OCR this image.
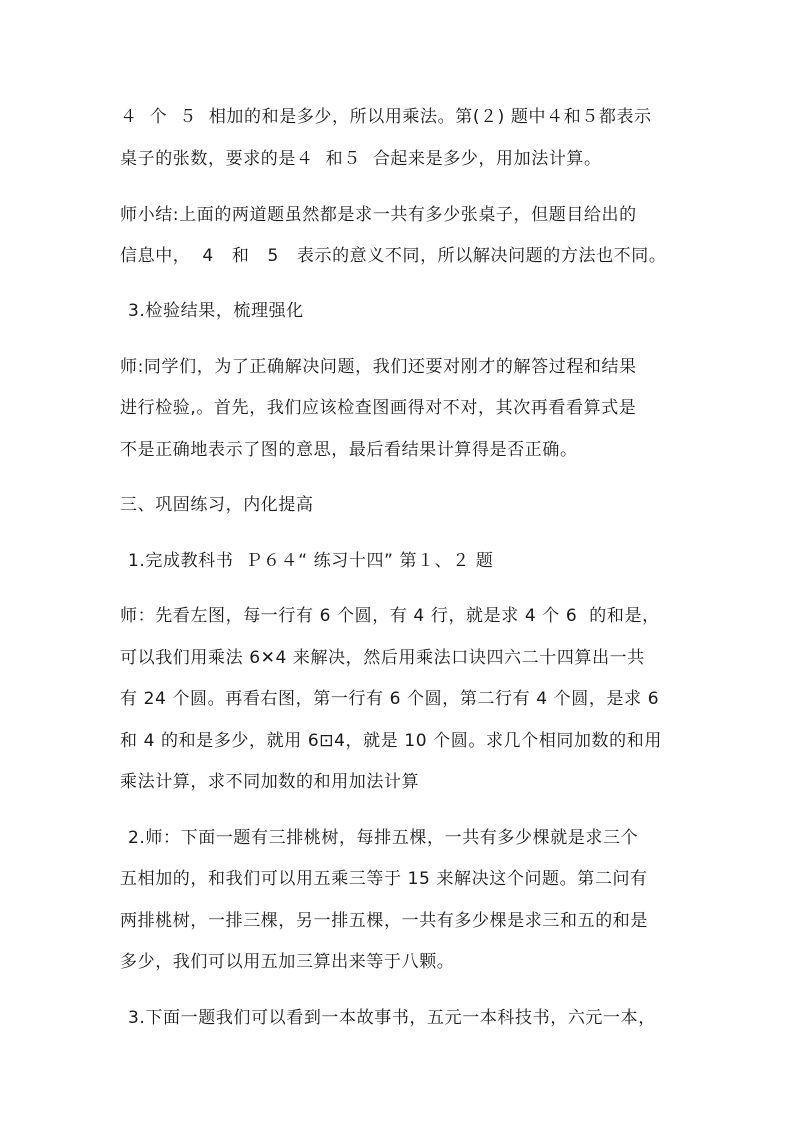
４  个  ５  相加的和是多少，所以用乘法。第(２) 题中４和５都表示
桌子的张数，要求的是４  和５  合起来是多少，用加法计算。
师小结:上面的两道题虽然都是求一共有多少张桌子，但题目给出的
信息中，  4   和   5   表示的意义不同，所以解决问题的方法也不同。
3.检验结果，梳理强化
师:同学们，为了正确解决问题，我们还要对刚才的解答过程和结果
进行检验,。首先，我们应该检查图画得对不对，其次再看看算式是
不是正确地表示了图的意思，最后看结果计算得是否正确。
三、巩固练习，内化提高
1.完成教科书  Ｐ６４“ 练习十四” 第１、２ 题
师：先看左图，每一行有 6 个圆，有 4 行，就是求 4 个 6  的和是，
可以我们用乘法 6✕4 来解决，然后用乘法口诀四六二十四算出一共
有 24 个圆。再看右图，第一行有 6 个圆，第二行有 4 个圆，是求 6
和 4 的和是多少，就用 6⊡4，就是 10 个圆。求几个相同加数的和用
乘法计算，求不同加数的和用加法计算
2.师：下面一题有三排桃树，每排五棵，一共有多少棵就是求三个
五相加的，和我们可以用五乘三等于 15 来解决这个问题。第二问有
两排桃树，一排三棵，另一排五棵，一共有多少棵是求三和五的和是
多少，我们可以用五加三算出来等于八颗。
3.下面一题我们可以看到一本故事书，五元一本科技书，六元一本，
